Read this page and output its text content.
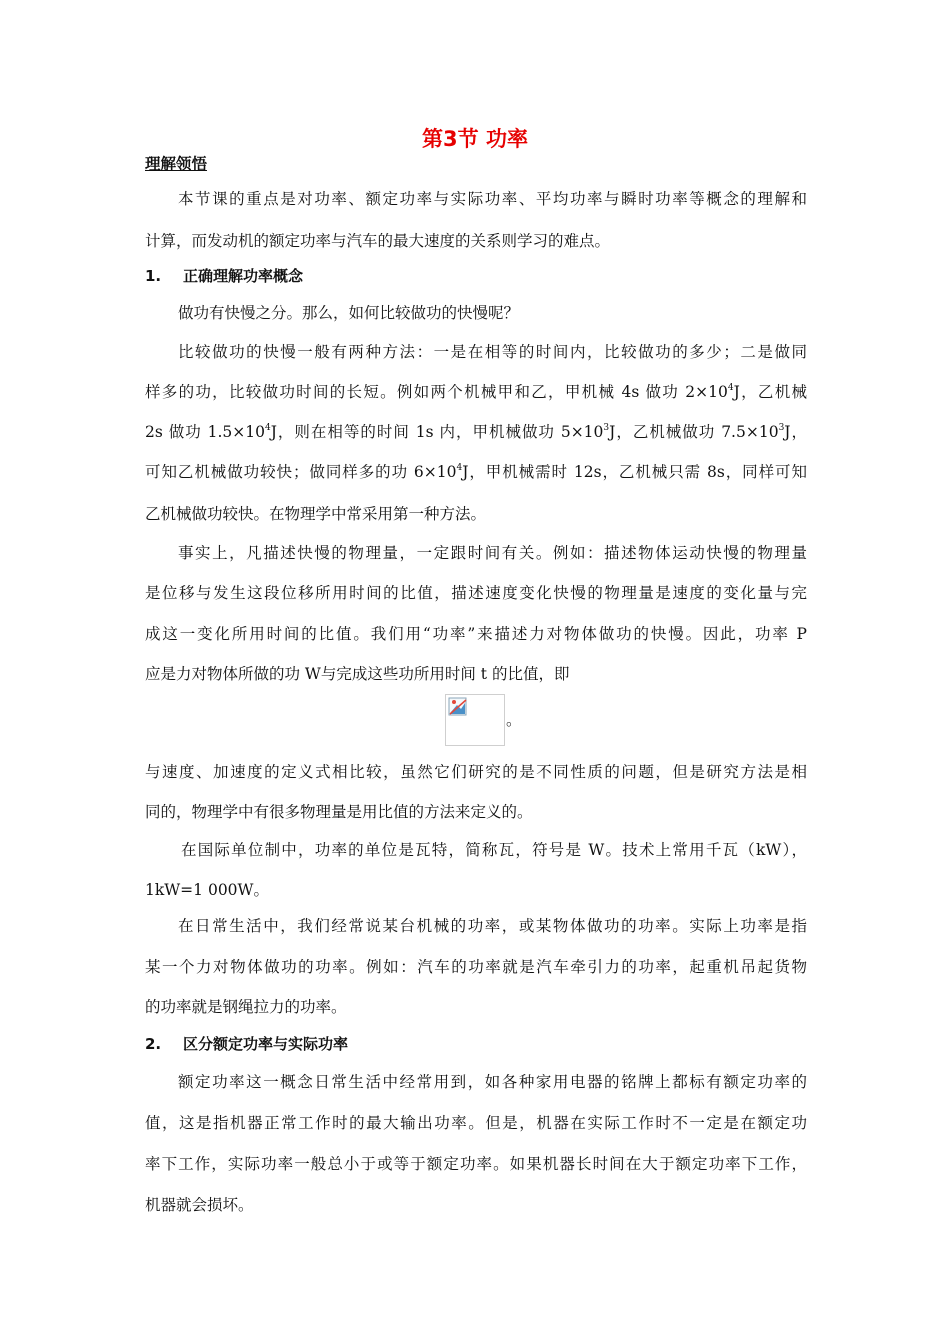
第3节 功率
理解领悟
本节课的重点是对功率、额定功率与实际功率、平均功率与瞬时功率等概念的理解和
计算，而发动机的额定功率与汽车的最大速度的关系则学习的难点。
1. 正确理解功率概念
做功有快慢之分。那么，如何比较做功的快慢呢？
比较做功的快慢一般有两种方法：一是在相等的时间内，比较做功的多少；二是做同
样多的功，比较做功时间的长短。例如两个机械甲和乙，甲机械 4s 做功 $2\times 10^4J$，乙机械
2s 做功 $1.5\times 10^4J$，则在相等的时间 1s 内，甲机械做功 $5\times 10^3J$，乙机械做功 $7.5\times 10^3J$，
可知乙机械做功较快；做同样多的功 $6\times 10^4J$，甲机械需时 12s，乙机械只需 8s，同样可知
乙机械做功较快。在物理学中常采用第一种方法。
事实上，凡描述快慢的物理量，一定跟时间有关。例如：描述物体运动快慢的物理量
是位移与发生这段位移所用时间的比值，描述速度变化快慢的物理量是速度的变化量与完
成这一变化所用时间的比值。我们用“功率”来描述力对物体做功的快慢。因此，功率 P
应是力对物体所做的功 W与完成这些功所用时间 t 的比值，即
。
与速度、加速度的定义式相比较，虽然它们研究的是不同性质的问题，但是研究方法是相
同的，物理学中有很多物理量是用比值的方法来定义的。
在国际单位制中，功率的单位是瓦特，简称瓦，符号是 W。技术上常用千瓦（kW），
1kW=1 000W。
在日常生活中，我们经常说某台机械的功率，或某物体做功的功率。实际上功率是指
某一个力对物体做功的功率。例如：汽车的功率就是汽车牵引力的功率，起重机吊起货物
的功率就是钢绳拉力的功率。
2. 区分额定功率与实际功率
额定功率这一概念日常生活中经常用到，如各种家用电器的铭牌上都标有额定功率的
值，这是指机器正常工作时的最大输出功率。但是，机器在实际工作时不一定是在额定功
率下工作，实际功率一般总小于或等于额定功率。如果机器长时间在大于额定功率下工作，
机器就会损坏。
